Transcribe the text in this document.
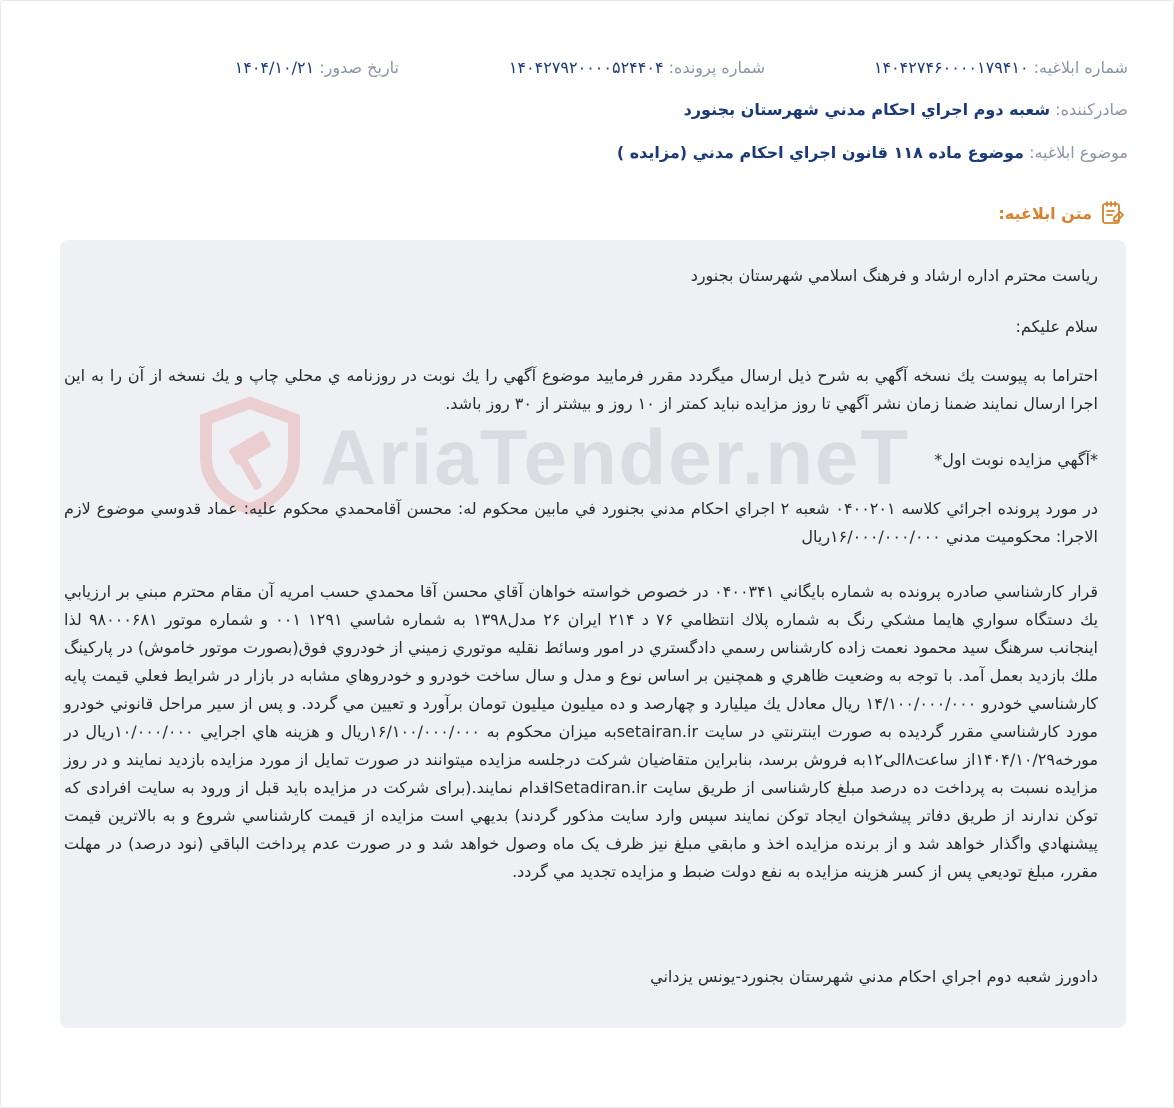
شماره ابلاغیه: ۱۴۰۴۲۷۴۶۰۰۰۰۱۷۹۴۱۰
شماره پرونده: ۱۴۰۴۲۷۹۲۰۰۰۰۵۲۴۴۰۴
تاریخ صدور: ۱۴۰۴/۱۰/۲۱
صادرکننده: شعبه دوم اجراي احكام مدني شهرستان بجنورد
موضوع ابلاغیه: موضوع ماده ۱۱۸ قانون اجراي احكام مدني (مزايده )
متن ابلاغیه:
AriaTender.neT
رياست محترم اداره ارشاد و فرهنگ اسلامي شهرستان بجنورد
سلام عليكم:
احتراما به پيوست يك نسخه آگهي به شرح ذيل ارسال ميگردد مقرر فرماييد موضوع آگهي را يك نوبت در روزنامه ي محلي چاپ و يك نسخه از آن را به اين اجرا ارسال نمايند ضمنا زمان نشر آگهي تا روز مزايده نبايد كمتر از ۱۰ روز و بيشتر از ۳۰ روز باشد.
*آگهي مزايده نوبت اول*
در مورد پرونده اجرائي كلاسه ۰۴۰۰۲۰۱ شعبه ۲ اجراي احكام مدني بجنورد في مابين محكوم له: محسن آقامحمدي محكوم عليه: عماد قدوسي موضوع لازم الاجرا: محكوميت مدني ۱۶/۰۰۰/۰۰۰/۰۰۰ريال
قرار كارشناسي صادره پرونده به شماره بايگاني ۰۴۰۰۳۴۱ در خصوص خواسته خواهان آقاي محسن آقا محمدي حسب امريه آن مقام محترم مبني بر ارزيابي يك دستگاه سواري هايما مشكي رنگ به شماره پلاك انتظامي ۷۶ د ۲۱۴ ايران ۲۶ مدل۱۳۹۸ به شماره شاسي ۱۲۹۱ ۰۰۱ و شماره موتور ۹۸۰۰۰۶۸۱ لذا اينجانب سرهنگ سيد محمود نعمت زاده كارشناس رسمي دادگستري در امور وسائط نقليه موتوري زميني از خودروي فوق(بصورت موتور خاموش) در پاركينگ ملك بازديد بعمل آمد. با توجه به وضعيت ظاهري و همچنين بر اساس نوع و مدل و سال ساخت خودرو و خودروهاي مشابه در بازار در شرايط فعلي قيمت پايه كارشناسي خودرو ۱۴/۱۰۰/۰۰۰/۰۰۰ ريال معادل يك ميليارد و چهارصد و ده ميليون ميليون تومان برآورد و تعيين مي گردد. و پس از سير مراحل قانوني خودرو مورد كارشناسي مقرر گرديده به صورت اينترنتي در سايت setairan.irبه ميزان محكوم به ۱۶/۱۰۰/۰۰۰/۰۰۰ريال و هزينه هاي اجرايي ۱۰/۰۰۰/۰۰۰ريال در مورخه۱۴۰۴/۱۰/۲۹از ساعت۸الی۱۲به فروش برسد، بنابراين متقاضيان شركت درجلسه مزايده ميتوانند در صورت تمايل از مورد مزايده بازديد نمايند و در روز مزايده نسبت به پرداخت ده درصد مبلغ كارشناسی از طريق سايت Setadiran.irاقدام نمايند.(برای شركت در مزايده بايد قبل از ورود به سايت افرادی كه توكن ندارند از طريق دفاتر پيشخوان ايجاد توكن نمايند سپس وارد سايت مذكور گردند) بديهي است مزايده از قيمت كارشناسي شروع و به بالاترين قيمت پيشنهادي واگذار خواهد شد و از برنده مزايده اخذ و مابقي مبلغ نيز ظرف يک ماه وصول خواهد شد و در صورت عدم پرداخت الباقي (نود درصد) در مهلت مقرر، مبلغ توديعي پس از كسر هزينه مزايده به نفع دولت ضبط و مزايده تجديد مي گردد.
دادورز شعبه دوم اجراي احكام مدني شهرستان بجنورد-يونس يزداني
